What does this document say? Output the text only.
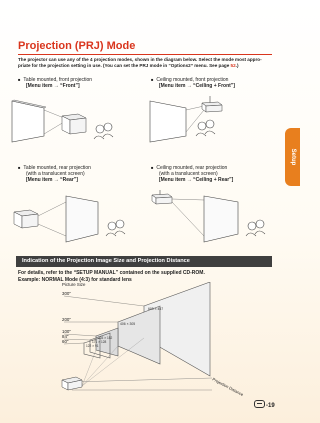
Setup
Projection (PRJ) Mode
The projector can use any of the 4 projection modes, shown in the diagram below. Select the mode most appro-priate for the projection setting in use. (You can set the PRJ mode in “Options2” menu. See page 52.)
■ Table mounted, front projection
[Menu item → “Front”]
■ Ceiling mounted, front projection
[Menu item → “Ceiling + Front”]
■ Table mounted, rear projection
(with a translucent screen)
[Menu item → “Rear”]
■ Ceiling mounted, rear projection
(with a translucent screen)
[Menu item → “Ceiling + Rear”]
Indication of the Projection Image Size and Projection Distance
For details, refer to the “SETUP MANUAL” contained on the supplied CD-ROM.
Example: NORMAL Mode (4:3) for standard lens
Picture Size
300"
200"
100"
84"
60"
609 × 457
406 × 305
203 × 152
171 × 128
122 × 91
Projection Distance
-19
